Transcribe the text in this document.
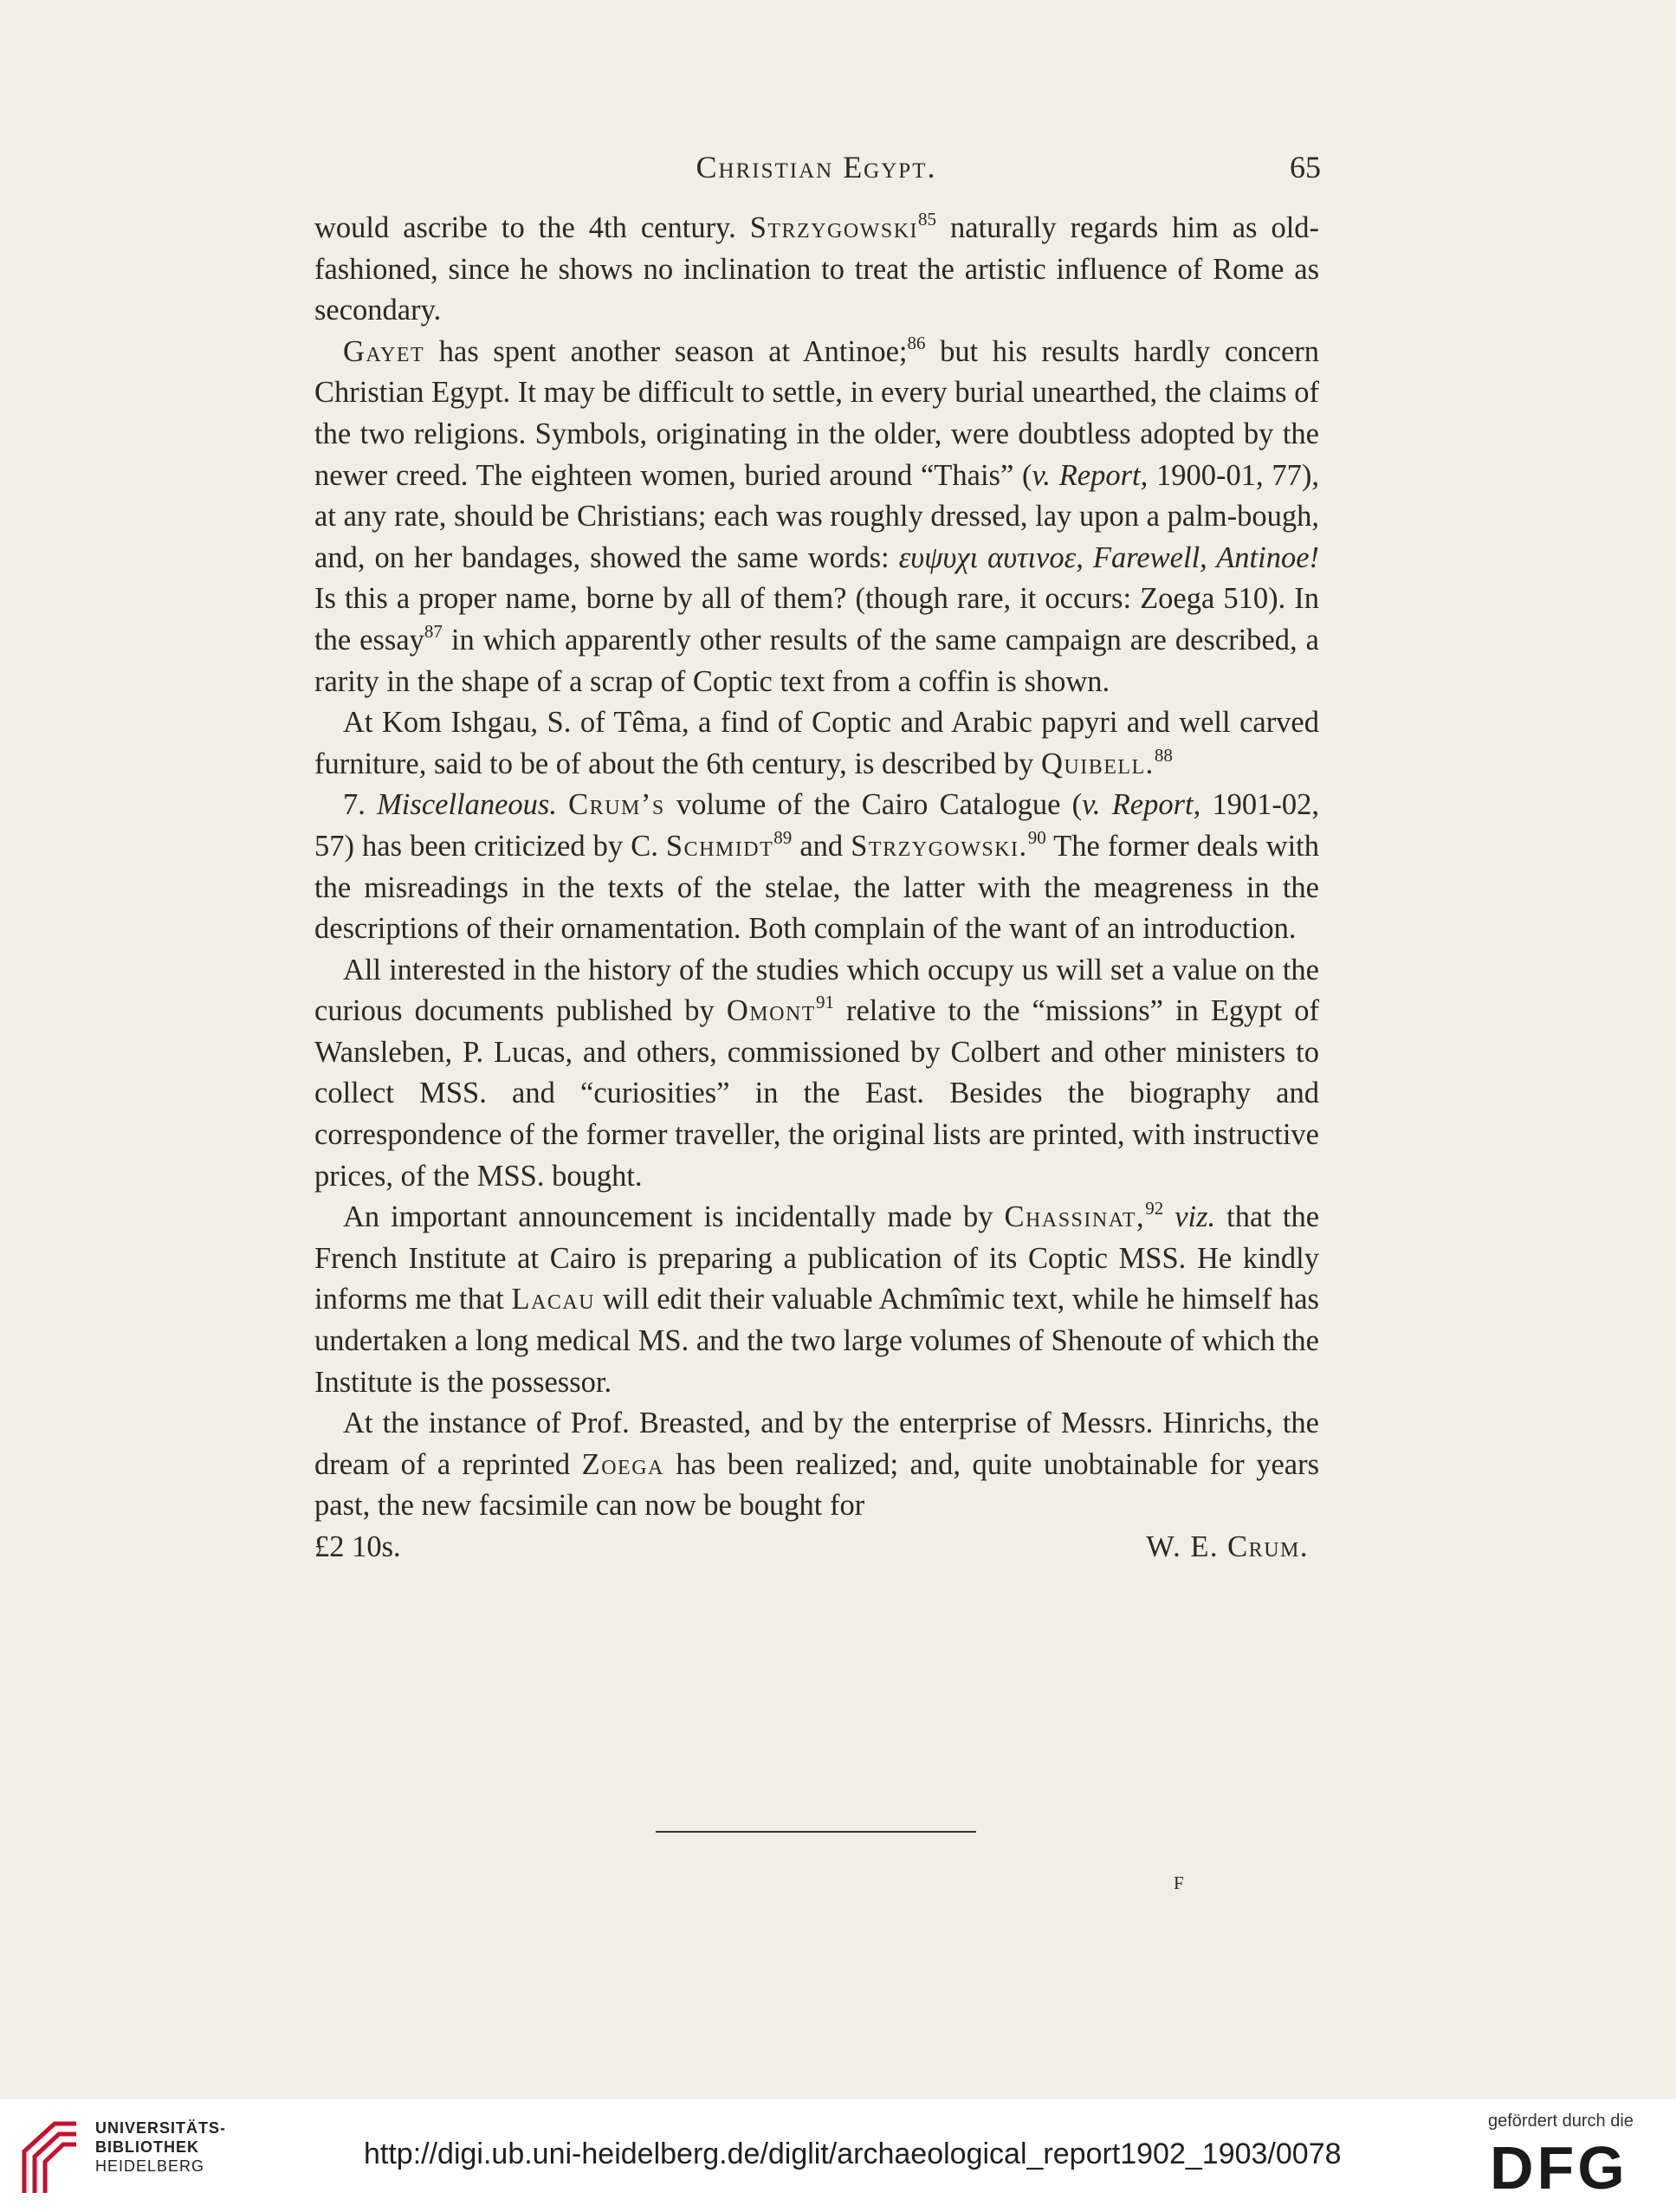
Christian Egypt.	65

would ascribe to the 4th century. Strzygowski$^{85}$ naturally regards him as old-fashioned, since he shows no inclination to treat the artistic influence of Rome as secondary.

Gayet has spent another season at Antinoe;$^{86}$ but his results hardly concern Christian Egypt. It may be difficult to settle, in every burial unearthed, the claims of the two religions. Symbols, originating in the older, were doubtless adopted by the newer creed. The eighteen women, buried around “Thais” (v. Report, 1900-01, 77), at any rate, should be Christians; each was roughly dressed, lay upon a palm-bough, and, on her bandages, showed the same words: ευψυχι αυτινοε, Farewell, Antinoe! Is this a proper name, borne by all of them? (though rare, it occurs: Zoega 510). In the essay$^{87}$ in which apparently other results of the same campaign are described, a rarity in the shape of a scrap of Coptic text from a coffin is shown.

At Kom Ishgau, S. of Têma, a find of Coptic and Arabic papyri and well carved furniture, said to be of about the 6th century, is described by Quibell.$^{88}$

7. Miscellaneous. Crum’s volume of the Cairo Catalogue (v. Report, 1901-02, 57) has been criticized by C. Schmidt$^{89}$ and Strzygowski.$^{90}$ The former deals with the misreadings in the texts of the stelae, the latter with the meagreness in the descriptions of their ornamentation. Both complain of the want of an introduction.

All interested in the history of the studies which occupy us will set a value on the curious documents published by Omont$^{91}$ relative to the “missions” in Egypt of Wansleben, P. Lucas, and others, commissioned by Colbert and other ministers to collect MSS. and “curiosities” in the East. Besides the biography and correspondence of the former traveller, the original lists are printed, with instructive prices, of the MSS. bought.

An important announcement is incidentally made by Chassinat,$^{92}$ viz. that the French Institute at Cairo is preparing a publication of its Coptic MSS. He kindly informs me that Lacau will edit their valuable Achmîmic text, while he himself has undertaken a long medical MS. and the two large volumes of Shenoute of which the Institute is the possessor.

At the instance of Prof. Breasted, and by the enterprise of Messrs. Hinrichs, the dream of a reprinted Zoega has been realized; and, quite unobtainable for years past, the new facsimile can now be bought for

£2 10s.	W. E. Crum.
F
UNIVERSITÄTS-
BIBLIOTHEK
HEIDELBERG	http://digi.ub.uni-heidelberg.de/diglit/archaeological_report1902_1903/0078
gefördert durch die
DFG
